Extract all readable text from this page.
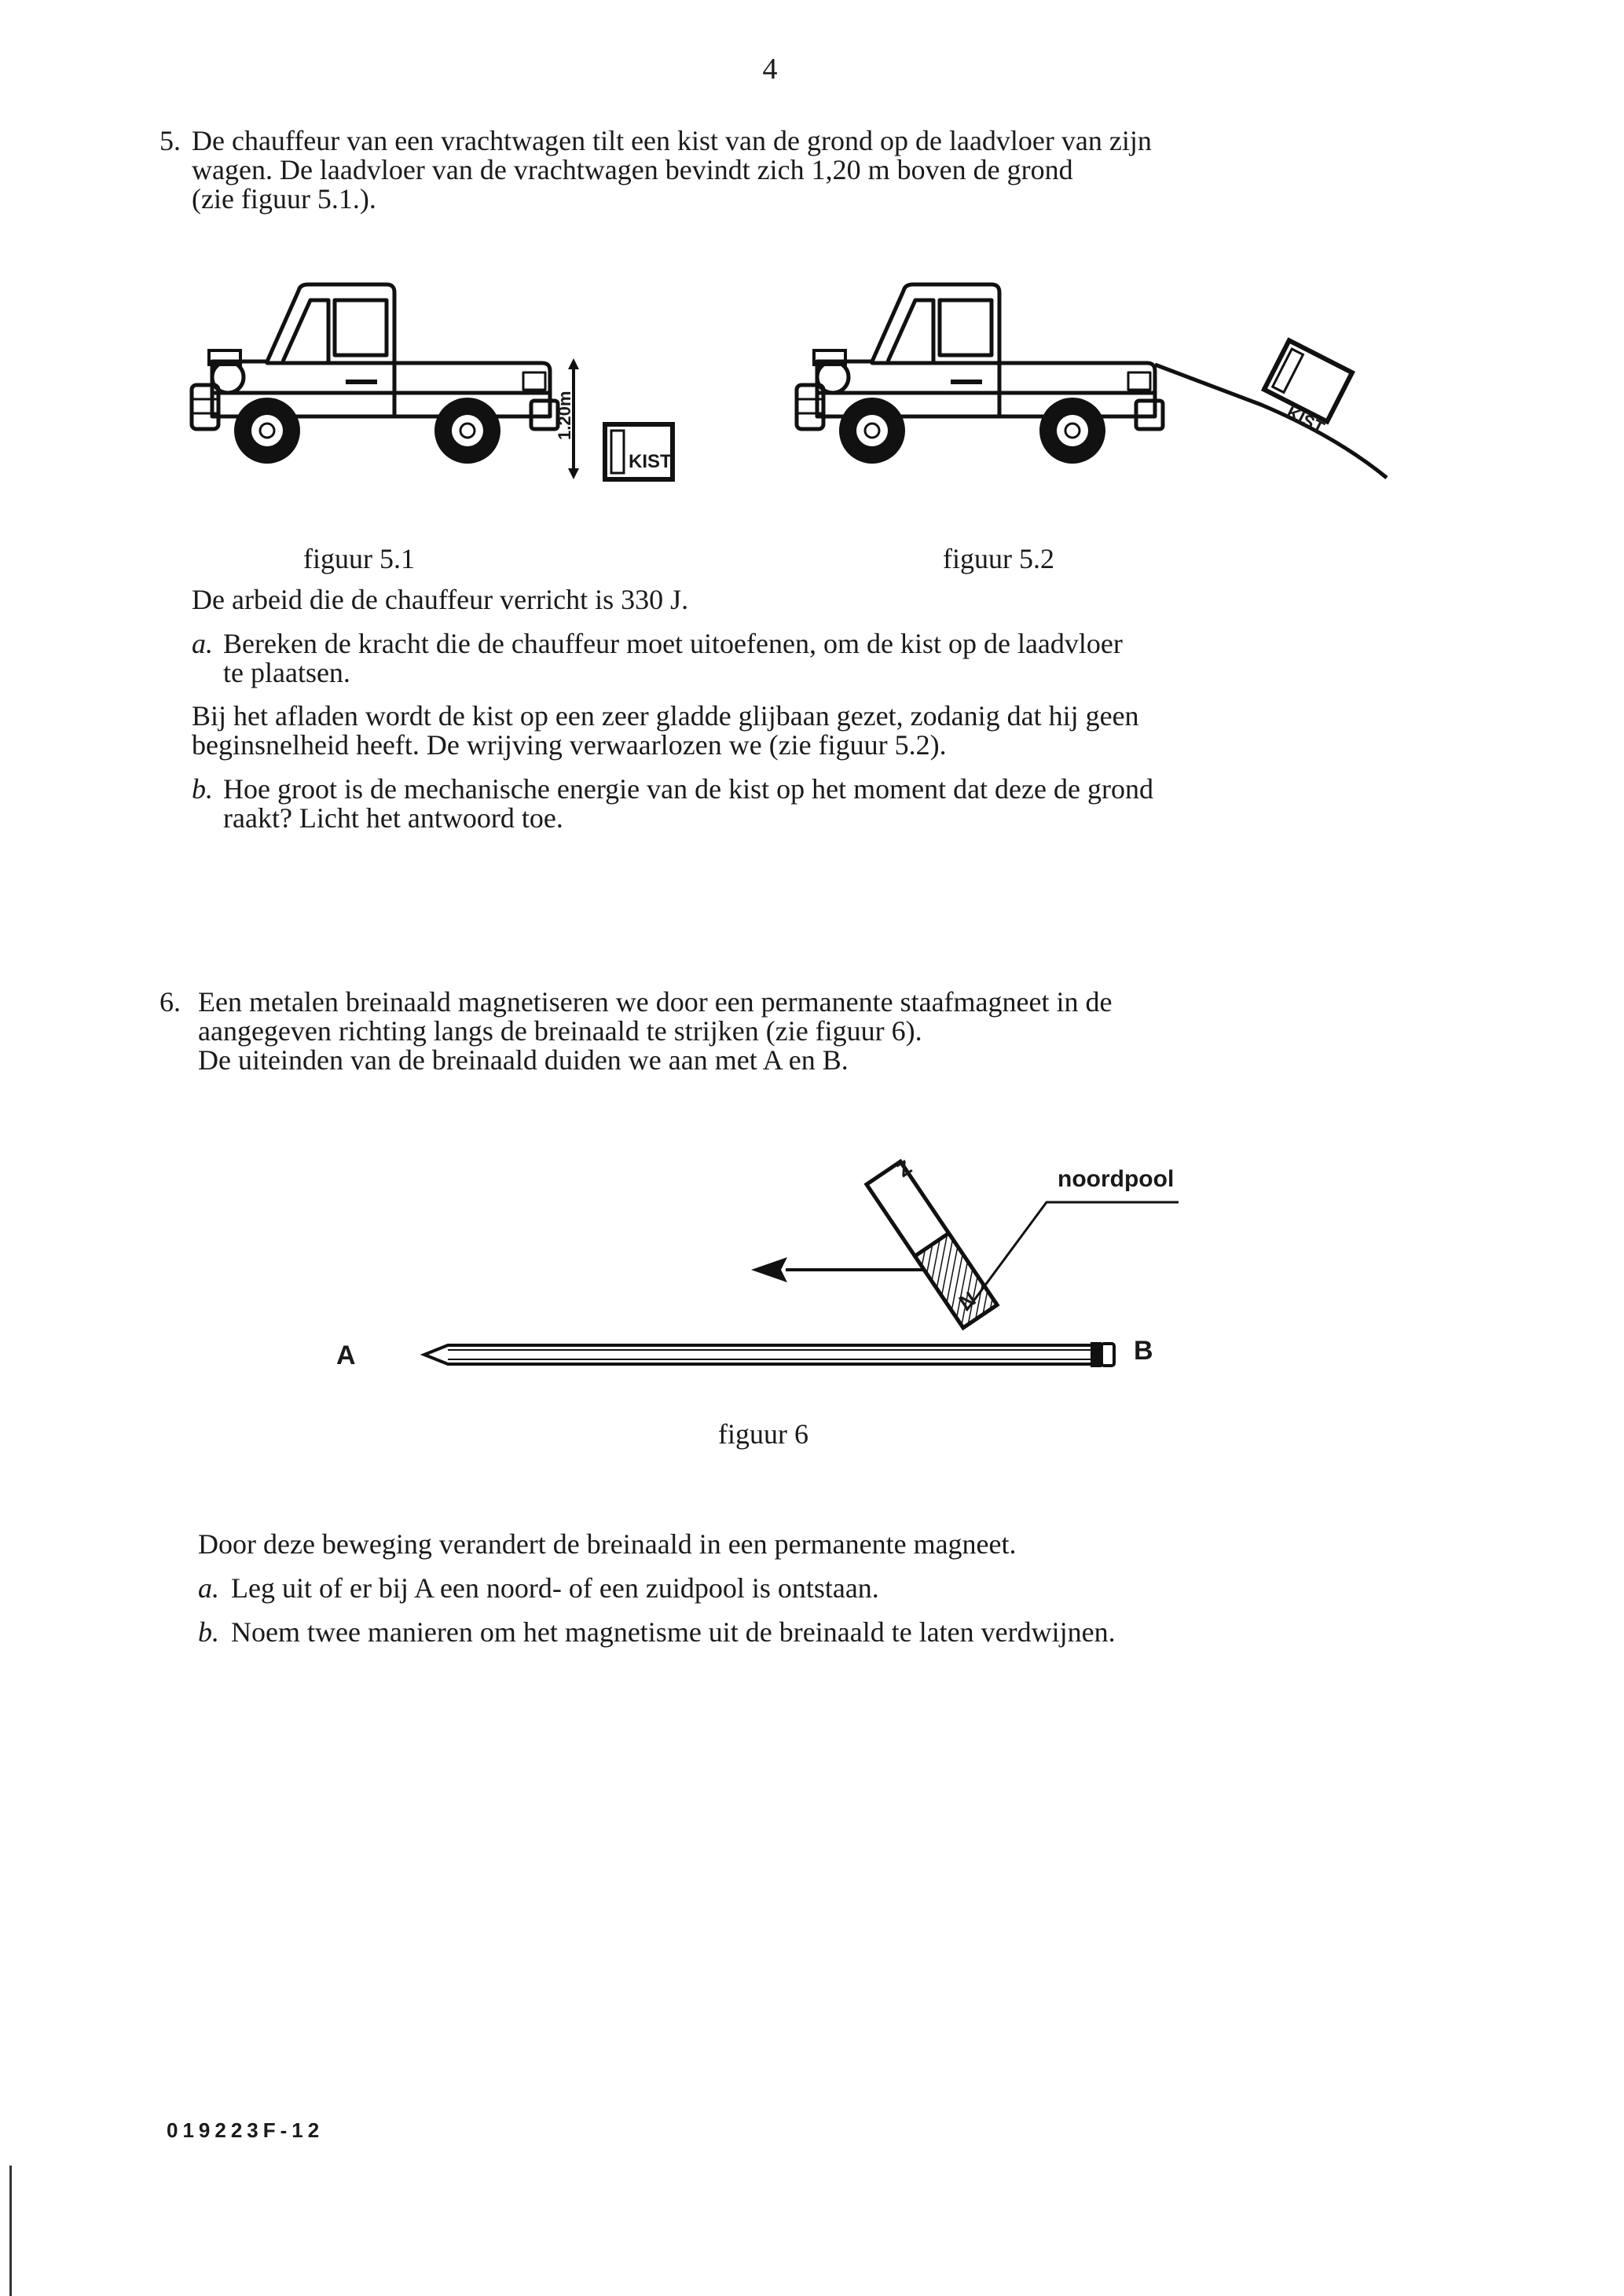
4
5. De chauffeur van een vrachtwagen tilt een kist van de grond op de laadvloer van zijn
wagen. De laadvloer van de vrachtwagen bevindt zich 1,20 m boven de grond
(zie figuur 5.1.).
1.20m
KIST
KIST
figuur 5.1	figuur 5.2
De arbeid die de chauffeur verricht is 330 J.
a. Bereken de kracht die de chauffeur moet uitoefenen, om de kist op de laadvloer
te plaatsen.
Bij het afladen wordt de kist op een zeer gladde glijbaan gezet, zodanig dat hij geen
beginsnelheid heeft. De wrijving verwaarlozen we (zie figuur 5.2).
b. Hoe groot is de mechanische energie van de kist op het moment dat deze de grond
raakt? Licht het antwoord toe.
6. Een metalen breinaald magnetiseren we door een permanente staafmagneet in de
aangegeven richting langs de breinaald te strijken (zie figuur 6).
De uiteinden van de breinaald duiden we aan met A en B.
Z
N
noordpool
A	B
figuur 6
Door deze beweging verandert de breinaald in een permanente magneet.
a. Leg uit of er bij A een noord- of een zuidpool is ontstaan.
b. Noem twee manieren om het magnetisme uit de breinaald te laten verdwijnen.
019223F-12
